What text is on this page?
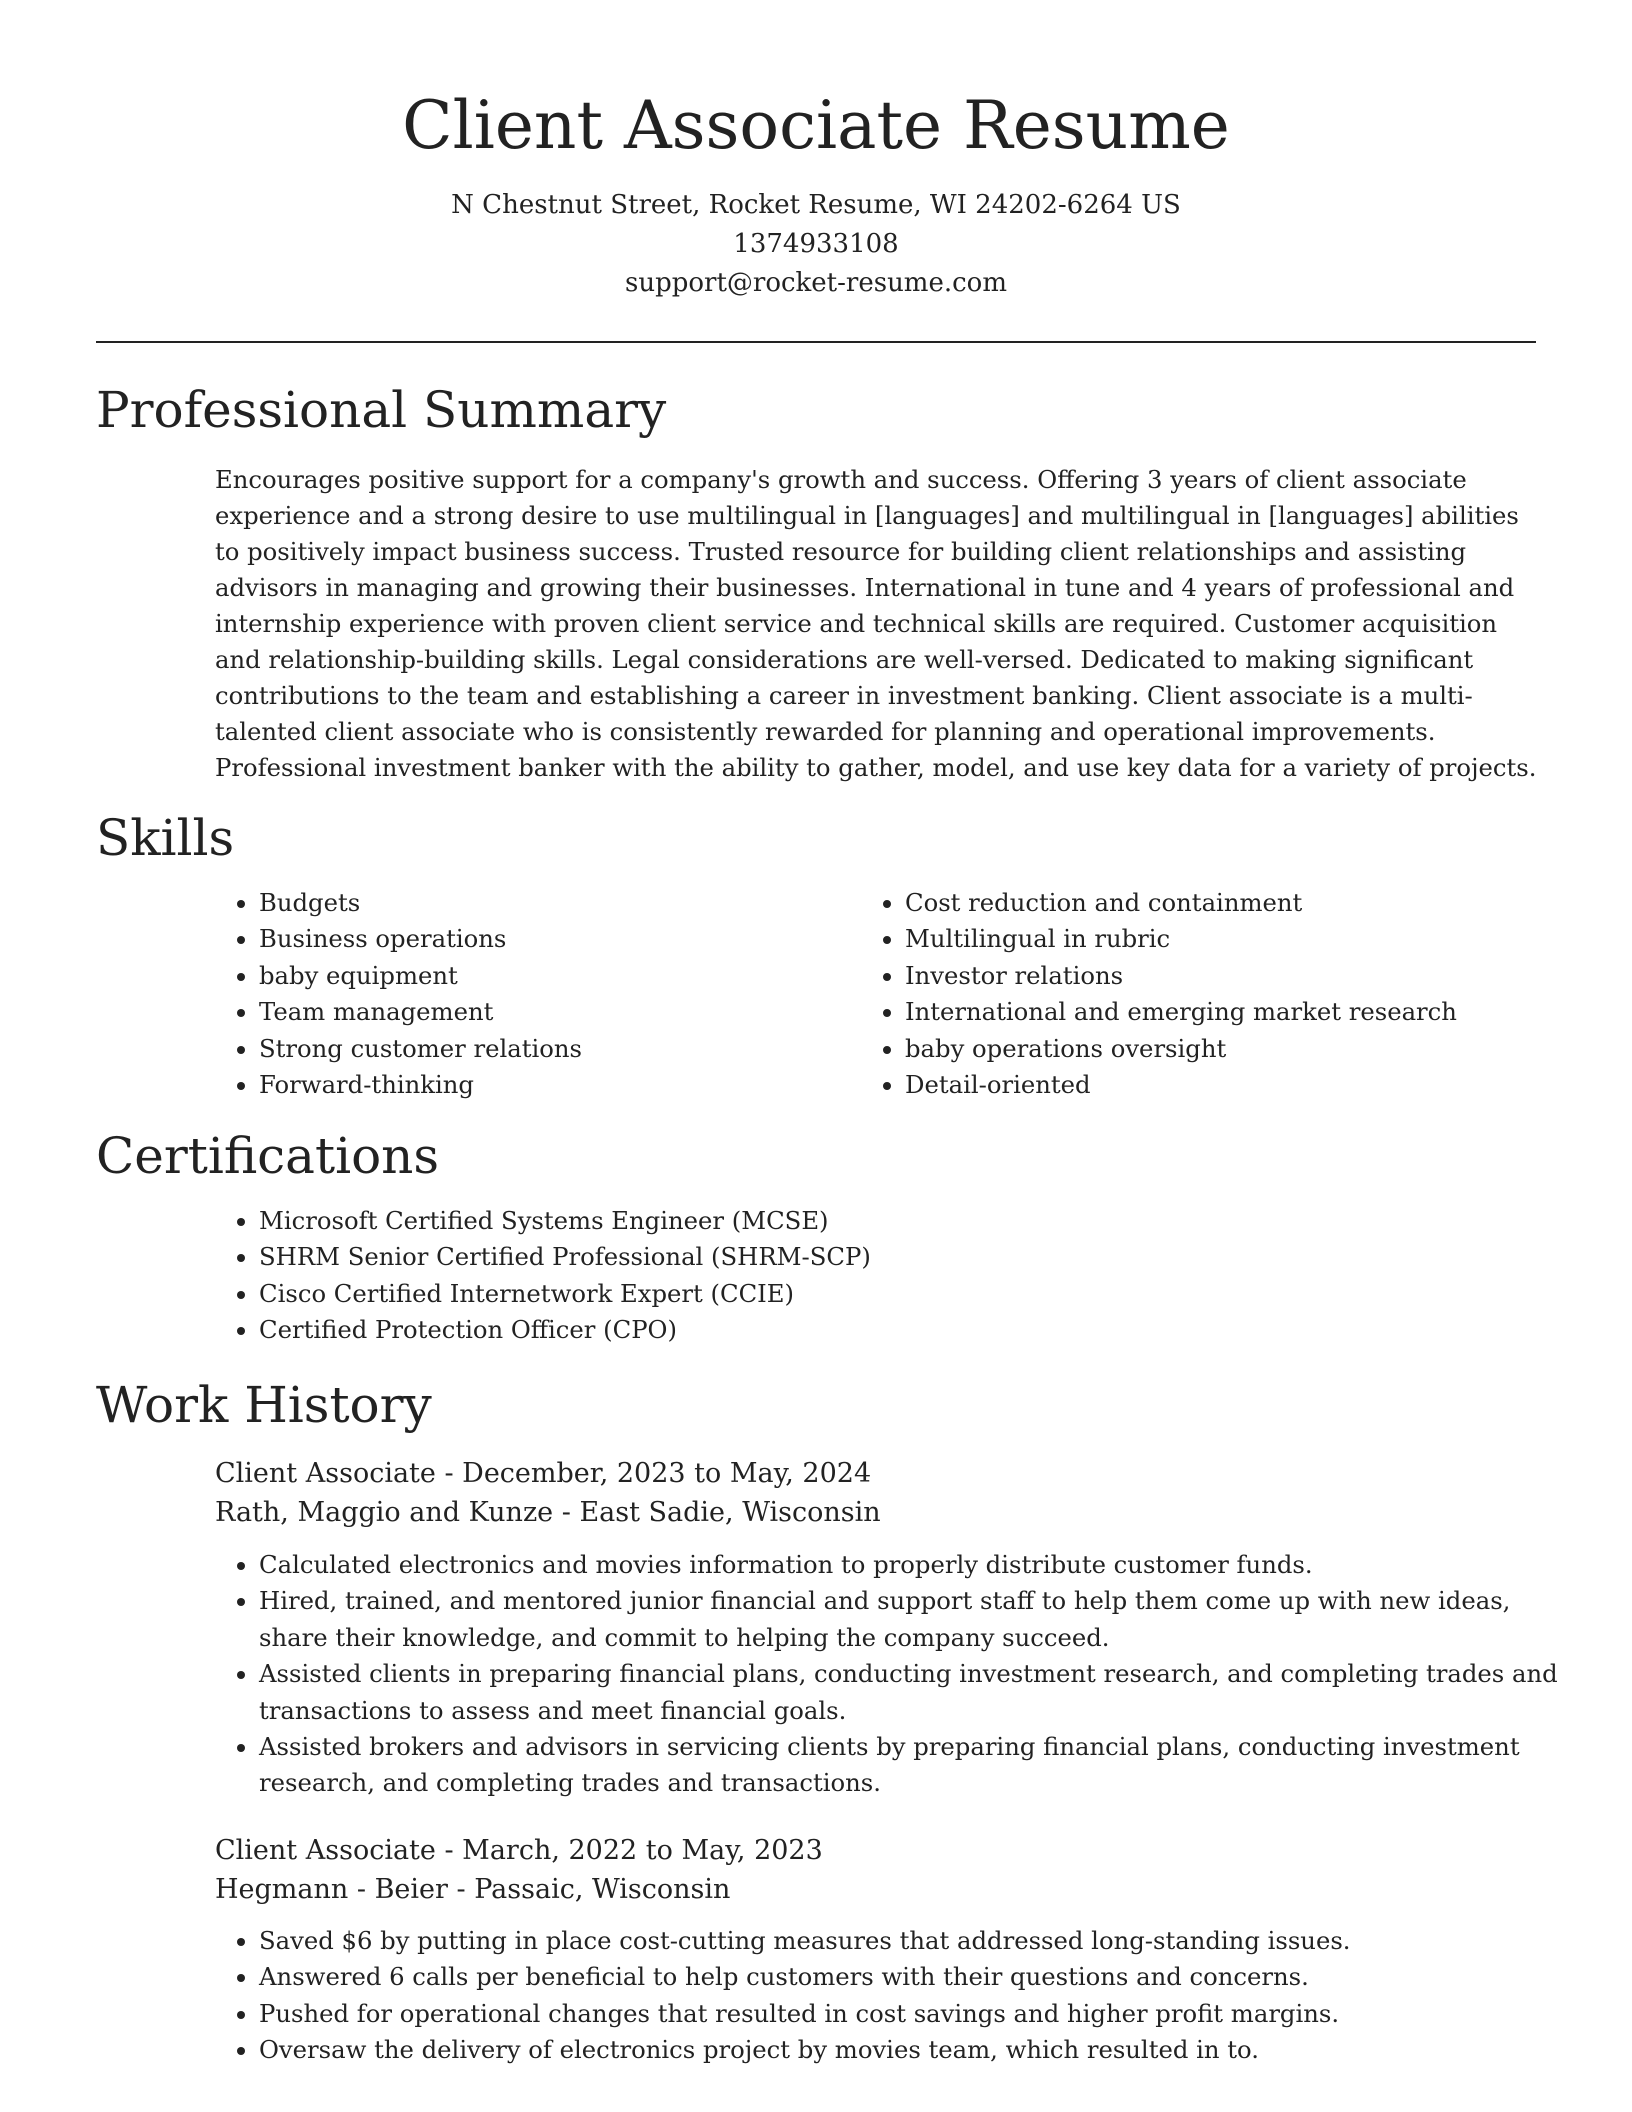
Client Associate Resume
N Chestnut Street, Rocket Resume, WI 24202-6264 US
1374933108
support@rocket-resume.com
Professional Summary

Encourages positive support for a company's growth and success. Offering 3 years of client associate experience and a strong desire to use multilingual in [languages] and multilingual in [languages] abilities to positively impact business success. Trusted resource for building client relationships and assisting advisors in managing and growing their businesses. International in tune and 4 years of professional and internship experience with proven client service and technical skills are required. Customer acquisition and relationship-building skills. Legal considerations are well-versed. Dedicated to making significant contributions to the team and establishing a career in investment banking. Client associate is a multi-talented client associate who is consistently rewarded for planning and operational improvements. Professional investment banker with the ability to gather, model, and use key data for a variety of projects.

Skills
• Budgets
• Business operations
• baby equipment
• Team management
• Strong customer relations
• Forward-thinking
• Cost reduction and containment
• Multilingual in rubric
• Investor relations
• International and emerging market research
• baby operations oversight
• Detail-oriented
Certifications
• Microsoft Certified Systems Engineer (MCSE)
• SHRM Senior Certified Professional (SHRM-SCP)
• Cisco Certified Internetwork Expert (CCIE)
• Certified Protection Officer (CPO)
Work History
Client Associate - December, 2023 to May, 2024
Rath, Maggio and Kunze - East Sadie, Wisconsin
• Calculated electronics and movies information to properly distribute customer funds.
• Hired, trained, and mentored junior financial and support staff to help them come up with new ideas, share their knowledge, and commit to helping the company succeed.
• Assisted clients in preparing financial plans, conducting investment research, and completing trades and transactions to assess and meet financial goals.
• Assisted brokers and advisors in servicing clients by preparing financial plans, conducting investment research, and completing trades and transactions.
Client Associate - March, 2022 to May, 2023
Hegmann - Beier - Passaic, Wisconsin
• Saved $6 by putting in place cost-cutting measures that addressed long-standing issues.
• Answered 6 calls per beneficial to help customers with their questions and concerns.
• Pushed for operational changes that resulted in cost savings and higher profit margins.
• Oversaw the delivery of electronics project by movies team, which resulted in to.
